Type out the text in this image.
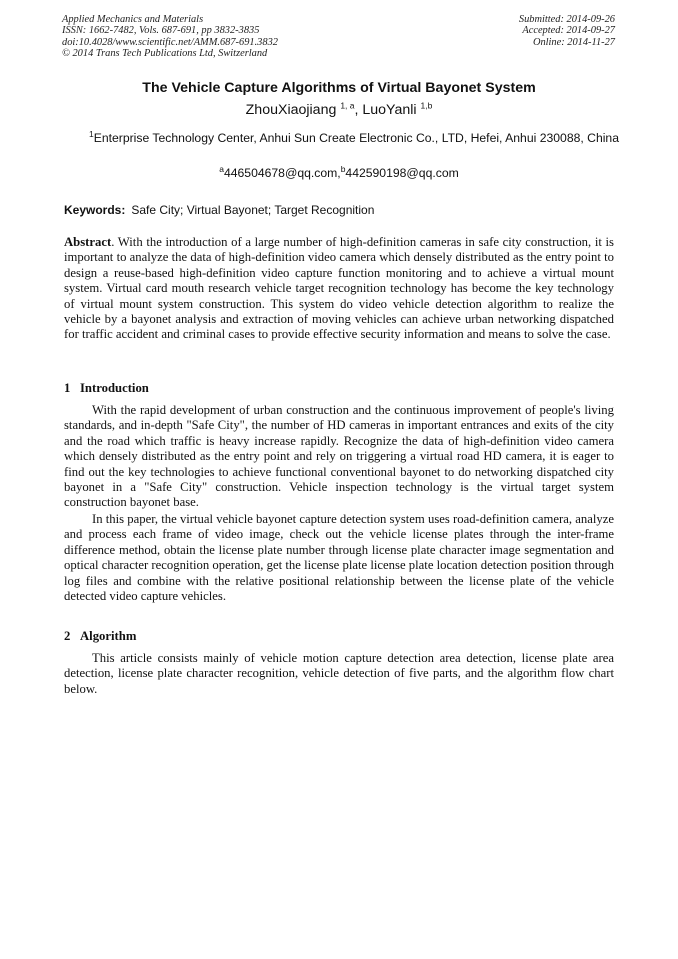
Applied Mechanics and Materials
ISSN: 1662-7482, Vols. 687-691, pp 3832-3835
doi:10.4028/www.scientific.net/AMM.687-691.3832
© 2014 Trans Tech Publications Ltd, Switzerland
Submitted: 2014-09-26
Accepted: 2014-09-27
Online: 2014-11-27
The Vehicle Capture Algorithms of Virtual Bayonet System
ZhouXiaojiang $^{1, a}$, LuoYanli $^{1,b}$
$^1$Enterprise Technology Center, Anhui Sun Create Electronic Co., LTD, Hefei, Anhui 230088, China
$^a$446504678@qq.com,$^b$442590198@qq.com
Keywords: Safe City; Virtual Bayonet; Target Recognition
Abstract. With the introduction of a large number of high-definition cameras in safe city construction, it is important to analyze the data of high-definition video camera which densely distributed as the entry point to design a reuse-based high-definition video capture function monitoring and to achieve a virtual mount system. Virtual card mouth research vehicle target recognition technology has become the key technology of virtual mount system construction. This system do video vehicle detection algorithm to realize the vehicle by a bayonet analysis and extraction of moving vehicles can achieve urban networking dispatched for traffic accident and criminal cases to provide effective security information and means to solve the case.
1 Introduction
With the rapid development of urban construction and the continuous improvement of people's living standards, and in-depth "Safe City", the number of HD cameras in important entrances and exits of the city and the road which traffic is heavy increase rapidly. Recognize the data of high-definition video camera which densely distributed as the entry point and rely on triggering a virtual road HD camera, it is eager to find out the key technologies to achieve functional conventional bayonet to do networking dispatched city bayonet in a "Safe City" construction. Vehicle inspection technology is the virtual target system construction bayonet base.
In this paper, the virtual vehicle bayonet capture detection system uses road-definition camera, analyze and process each frame of video image, check out the vehicle license plates through the inter-frame difference method, obtain the license plate number through license plate character image segmentation and optical character recognition operation, get the license plate license plate location detection position through log files and combine with the relative positional relationship between the license plate of the vehicle detected video capture vehicles.
2 Algorithm
This article consists mainly of vehicle motion capture detection area detection, license plate area detection, license plate character recognition, vehicle detection of five parts, and the algorithm flow chart below.
